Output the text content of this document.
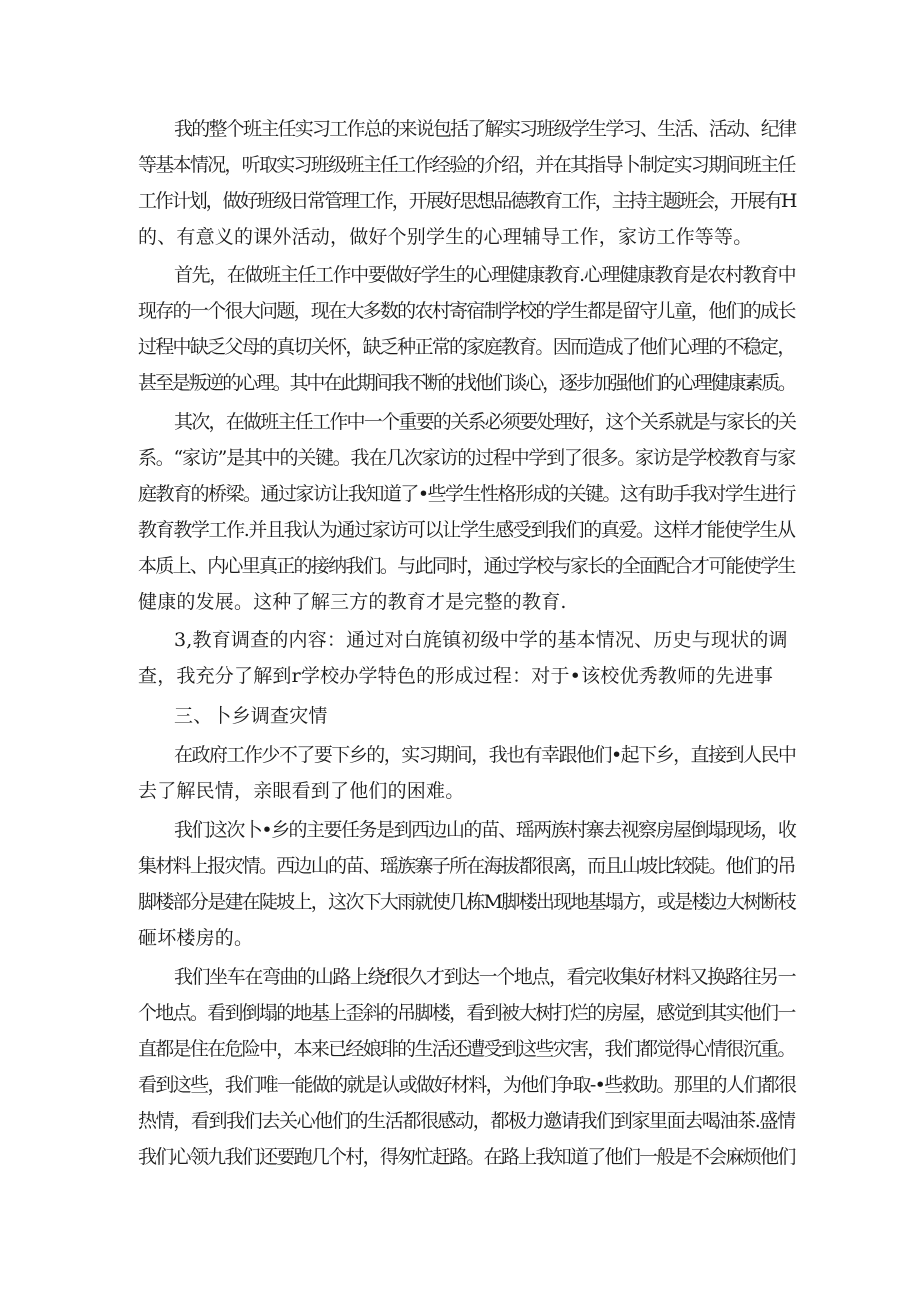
我的整个班主任实习工作总的来说包括了解实习班级学生学习、生活、活动、纪律

等基本情况，听取实习班级班主任工作经验的介绍，并在其指导卜制定实习期间班主任

工作计划，做好班级日常管理工作，开展好思想品德教育工作，主持主题班会，开展有H

的、有意义的课外活动，做好个别学生的心理辅导工作，家访工作等等。

首先，在做班主任工作中要做好学生的心理健康教育.心理健康教育是农村教育中

现存的一个很大问题，现在大多数的农村寄宿制学校的学生都是留守儿童，他们的成长

过程中缺乏父母的真切关怀，缺乏种正常的家庭教育。因而造成了他们心理的不稳定，

甚至是叛逆的心理。其中在此期间我不断的找他们谈心，逐步加强他们的心理健康素质。

其次，在做班主任工作中一个重要的关系必须要处理好，这个关系就是与家长的关

系。“家访”是其中的关键。我在几次家访的过程中学到了很多。家访是学校教育与家

庭教育的桥梁。通过家访让我知道了•些学生性格形成的关键。这有助手我对学生进行

教育教学工作.并且我认为通过家访可以让学生感受到我们的真爱。这样才能使学生从

本质上、内心里真正的接纳我们。与此同时，通过学校与家长的全面配合才可能使学生

健康的发展。这种了解三方的教育才是完整的教育.

3,教育调查的内容：通过对白旄镇初级中学的基本情况、历史与现状的调

查，我充分了解到r学校办学特色的形成过程：对于•该校优秀教师的先进事

三、卜乡调查灾情

在政府工作少不了要下乡的，实习期间，我也有幸跟他们•起下乡，直接到人民中

去了解民情，亲眼看到了他们的困难。

我们这次卜•乡的主要任务是到西边山的苗、瑶两族村寨去视察房屋倒塌现场，收

集材料上报灾情。西边山的苗、瑶族寨子所在海拔都很离，而且山坡比较陡。他们的吊

脚楼部分是建在陡坡上，这次下大雨就使几栋M脚楼出现地基塌方，或是楼边大树断枝

砸坏楼房的。

我们坐车在弯曲的山路上绕f很久才到达一个地点，看完收集好材料又换路往另一

个地点。看到倒塌的地基上歪斜的吊脚楼，看到被大树打烂的房屋，感觉到其实他们一

直都是住在危险中，本来已经娘琲的生活还遭受到这些灾害，我们都觉得心情很沉重。

看到这些，我们唯一能做的就是认或做好材料，为他们争取-•些救助。那里的人们都很

热情，看到我们去关心他们的生活都很感动，都极力邀请我们到家里面去喝油茶.盛情

我们心领九我们还要跑几个村，得匆忙赶路。在路上我知道了他们一般是不会麻烦他们
